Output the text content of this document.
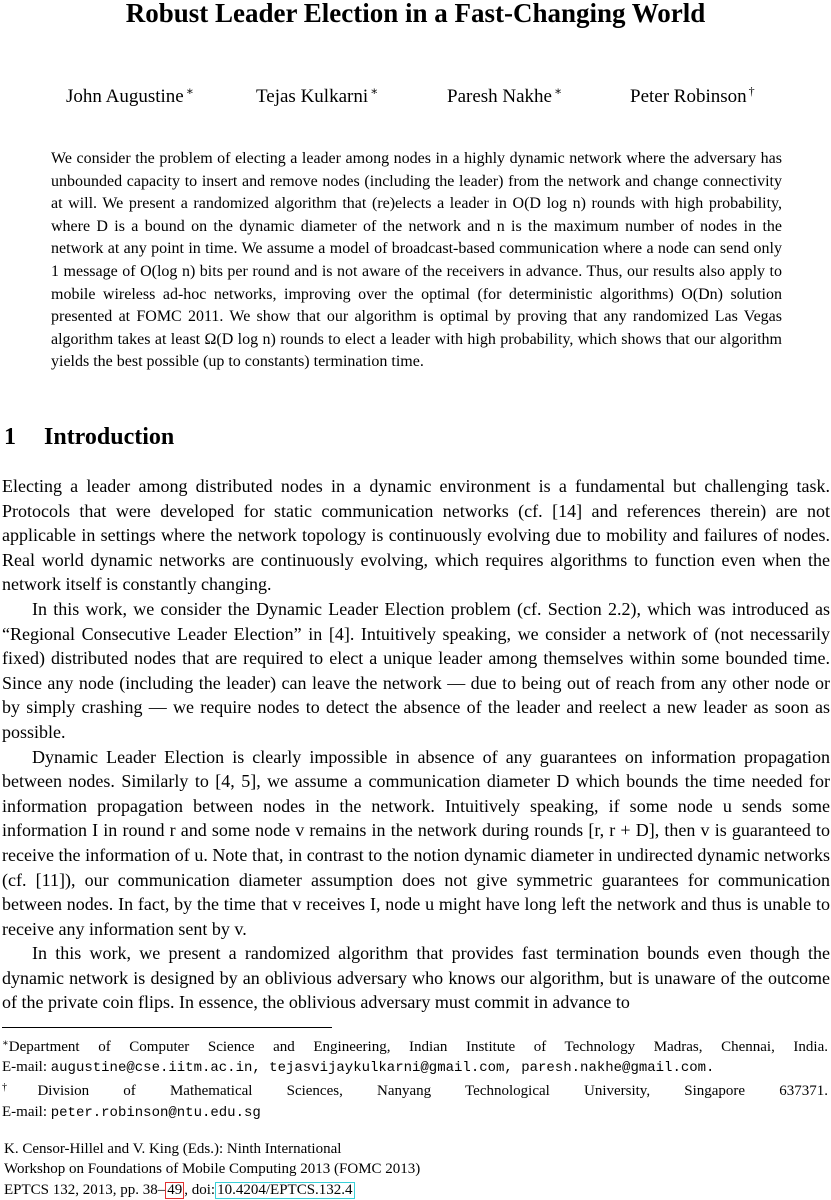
Robust Leader Election in a Fast-Changing World
John Augustine ∗	Tejas Kulkarni ∗	Paresh Nakhe ∗	Peter Robinson †

We consider the problem of electing a leader among nodes in a highly dynamic network where the adversary has unbounded capacity to insert and remove nodes (including the leader) from the network and change connectivity at will. We present a randomized algorithm that (re)elects a leader in O(D log n) rounds with high probability, where D is a bound on the dynamic diameter of the network and n is the maximum number of nodes in the network at any point in time. We assume a model of broadcast-based communication where a node can send only 1 message of O(log n) bits per round and is not aware of the receivers in advance. Thus, our results also apply to mobile wireless ad-hoc networks, improving over the optimal (for deterministic algorithms) O(Dn) solution presented at FOMC 2011. We show that our algorithm is optimal by proving that any randomized Las Vegas algorithm takes at least Ω(D log n) rounds to elect a leader with high probability, which shows that our algorithm yields the best possible (up to constants) termination time.

1 Introduction

Electing a leader among distributed nodes in a dynamic environment is a fundamental but challenging task. Protocols that were developed for static communication networks (cf. [14] and references therein) are not applicable in settings where the network topology is continuously evolving due to mobility and failures of nodes. Real world dynamic networks are continuously evolving, which requires algorithms to function even when the network itself is constantly changing.

In this work, we consider the Dynamic Leader Election problem (cf. Section 2.2), which was introduced as “Regional Consecutive Leader Election” in [4]. Intuitively speaking, we consider a network of (not necessarily fixed) distributed nodes that are required to elect a unique leader among themselves within some bounded time. Since any node (including the leader) can leave the network — due to being out of reach from any other node or by simply crashing — we require nodes to detect the absence of the leader and reelect a new leader as soon as possible.

Dynamic Leader Election is clearly impossible in absence of any guarantees on information propagation between nodes. Similarly to [4, 5], we assume a communication diameter D which bounds the time needed for information propagation between nodes in the network. Intuitively speaking, if some node u sends some information I in round r and some node v remains in the network during rounds [r, r + D], then v is guaranteed to receive the information of u. Note that, in contrast to the notion dynamic diameter in undirected dynamic networks (cf. [11]), our communication diameter assumption does not give symmetric guarantees for communication between nodes. In fact, by the time that v receives I, node u might have long left the network and thus is unable to receive any information sent by v.

In this work, we present a randomized algorithm that provides fast termination bounds even though the dynamic network is designed by an oblivious adversary who knows our algorithm, but is unaware of the outcome of the private coin flips. In essence, the oblivious adversary must commit in advance to

∗Department of Computer Science and Engineering, Indian Institute of Technology Madras, Chennai, India.

E-mail: augustine@cse.iitm.ac.in, tejasvijaykulkarni@gmail.com, paresh.nakhe@gmail.com.

†Division of Mathematical Sciences, Nanyang Technological University, Singapore 637371.

E-mail: peter.robinson@ntu.edu.sg

K. Censor-Hillel and V. King (Eds.): Ninth International

Workshop on Foundations of Mobile Computing 2013 (FOMC 2013)

EPTCS 132, 2013, pp. 38– 49 , doi: 10.4204/EPTCS.132.4
